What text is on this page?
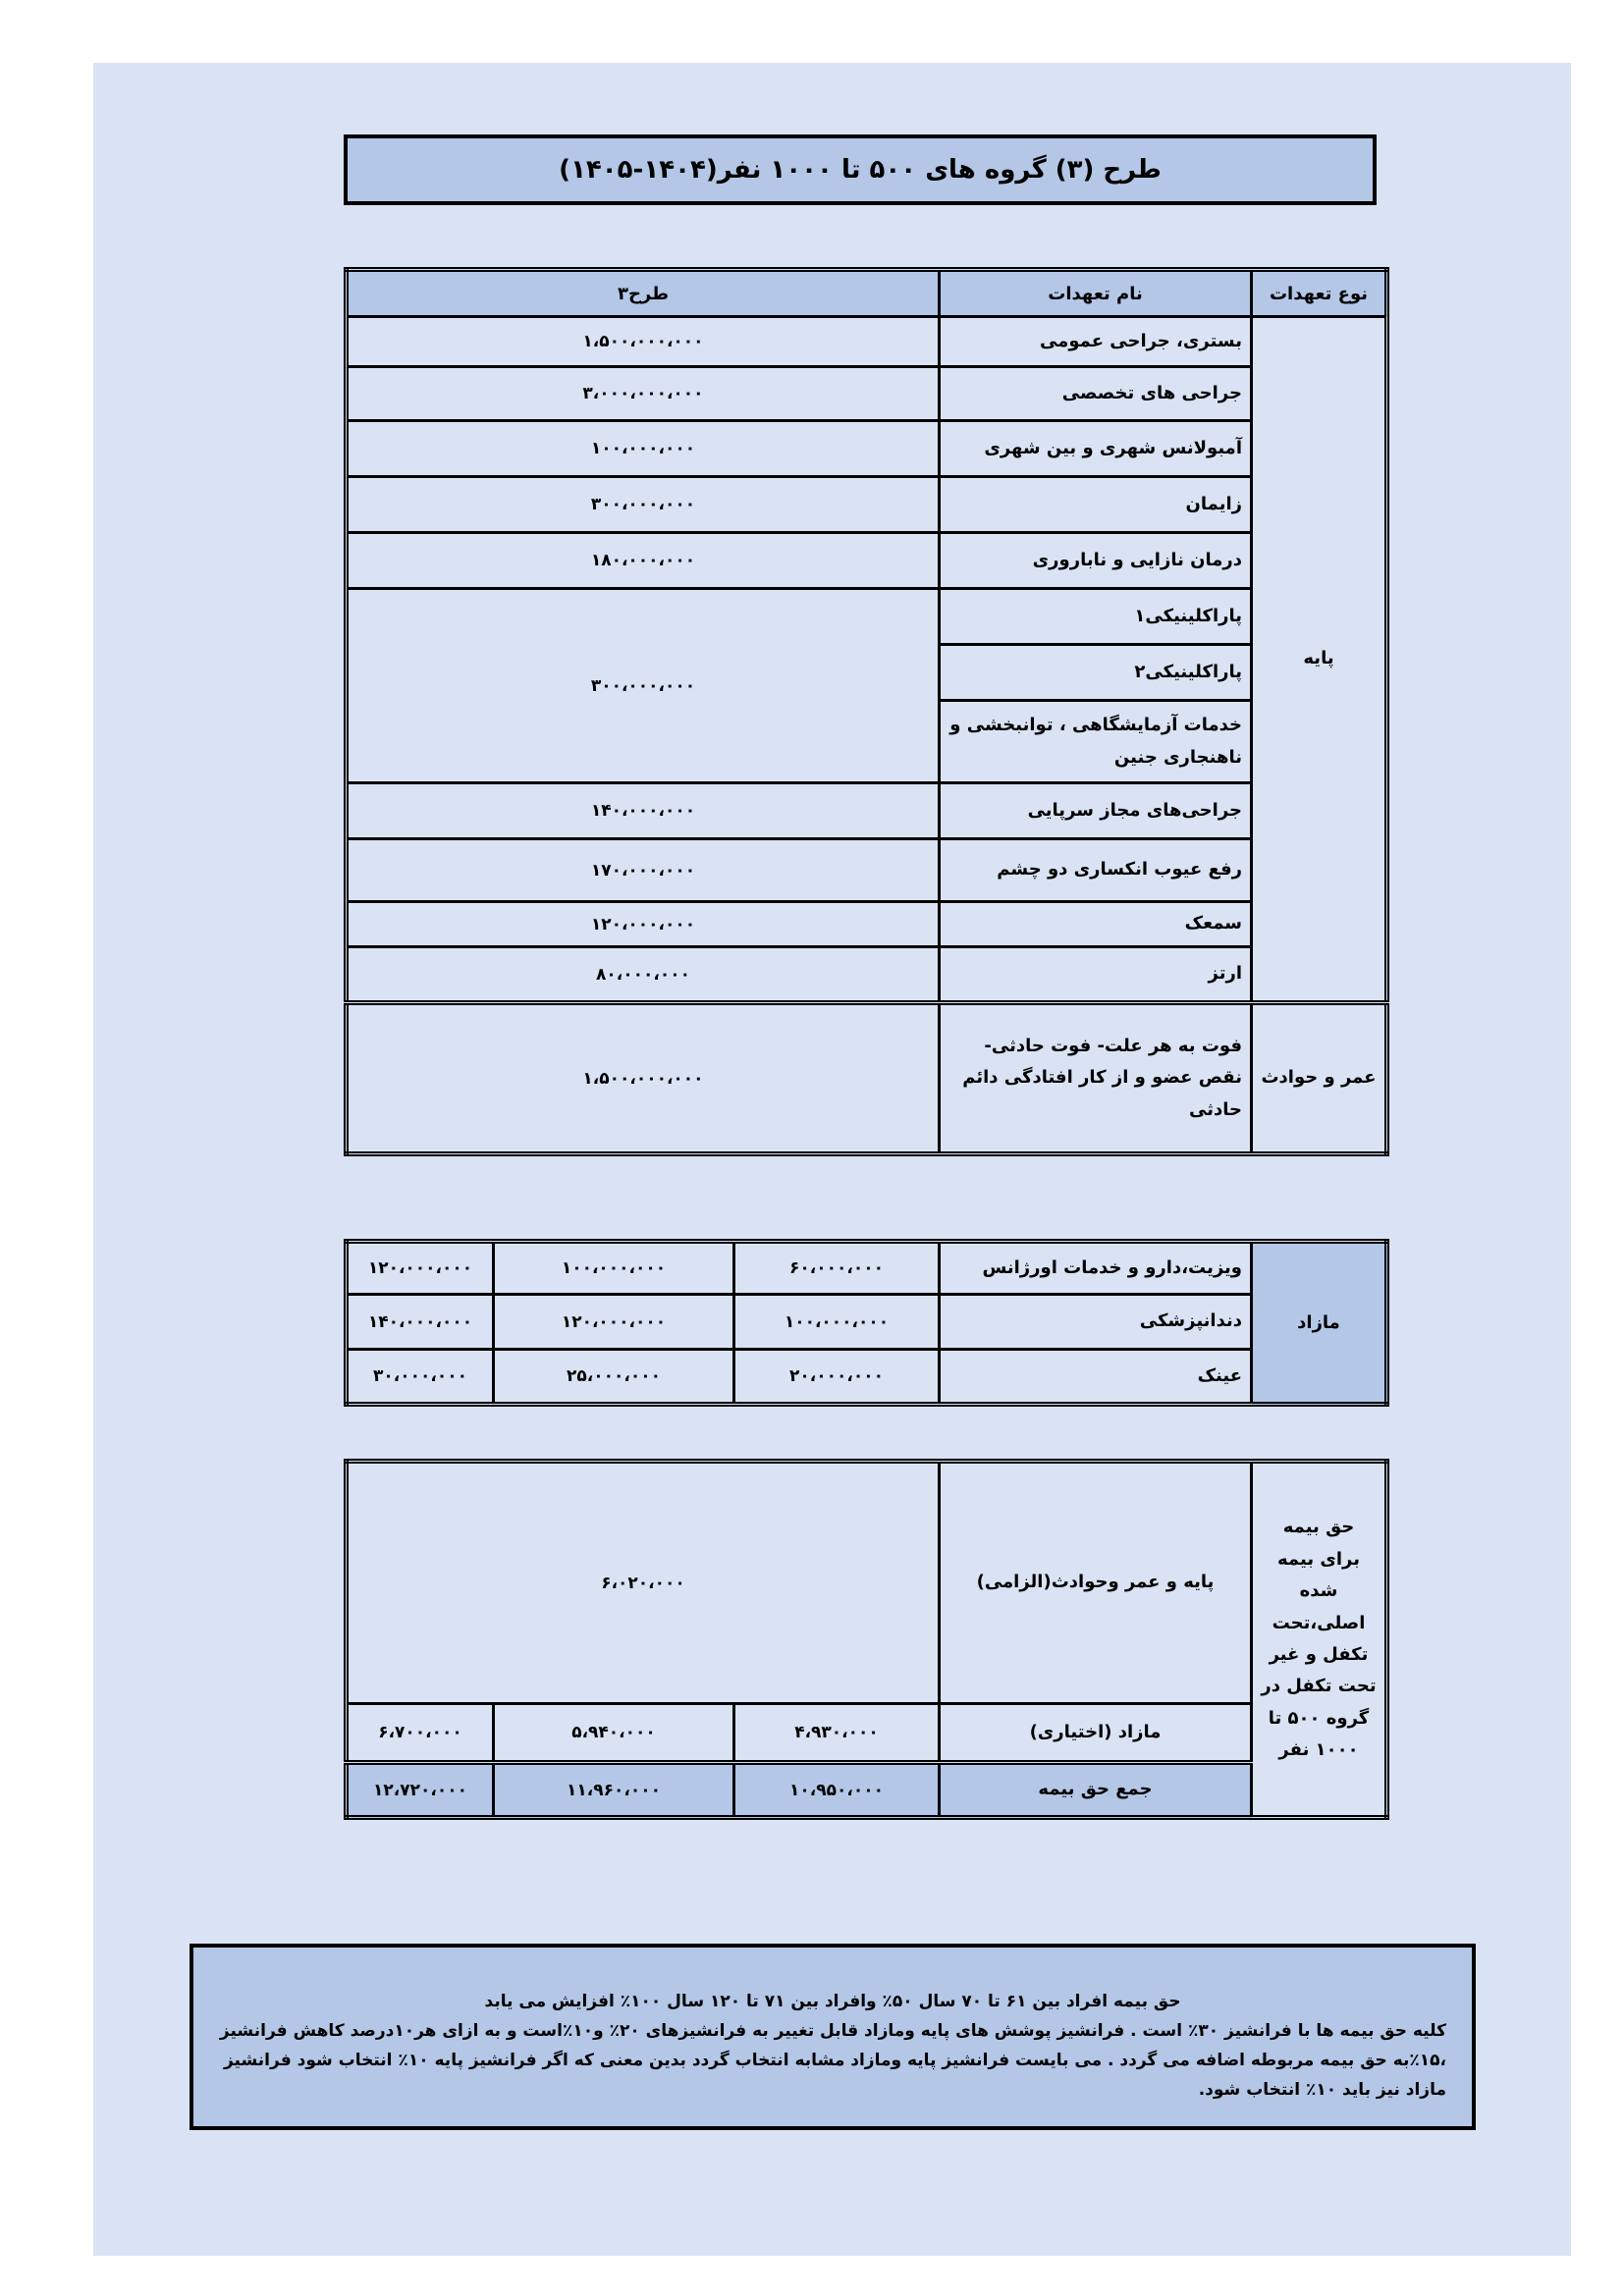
طرح (۳) گروه های ۵۰۰ تا ۱۰۰۰ نفر(۱۴۰۴-۱۴۰۵)
نوع تعهدات	نام تعهدات	طرح۳
پایه	بستری، جراحی عمومی	۱،۵۰۰،۰۰۰،۰۰۰
	جراحی های تخصصی	۳،۰۰۰،۰۰۰،۰۰۰
	آمبولانس شهری و بین شهری	۱۰۰،۰۰۰،۰۰۰
	زایمان	۳۰۰،۰۰۰،۰۰۰
	درمان نازایی و ناباروری	۱۸۰،۰۰۰،۰۰۰
	پاراکلینیکی۱	۳۰۰،۰۰۰،۰۰۰
	پاراکلینیکی۲	
	خدمات آزمایشگاهی ، توانبخشی و ناهنجاری جنین	
	جراحی‌های مجاز سرپایی	۱۴۰،۰۰۰،۰۰۰
	رفع عیوب انکساری دو چشم	۱۷۰،۰۰۰،۰۰۰
	سمعک	۱۲۰،۰۰۰،۰۰۰
	ارتز	۸۰،۰۰۰،۰۰۰
عمر و حوادث	فوت به هر علت- فوت حادثی-نقص عضو و از کار افتادگی دائم حادثی	۱،۵۰۰،۰۰۰،۰۰۰
مازاد	ویزیت،دارو و خدمات اورژانس	۶۰،۰۰۰،۰۰۰	۱۰۰،۰۰۰،۰۰۰	۱۲۰،۰۰۰،۰۰۰
	دندانپزشکی	۱۰۰،۰۰۰،۰۰۰	۱۲۰،۰۰۰،۰۰۰	۱۴۰،۰۰۰،۰۰۰
	عینک	۲۰،۰۰۰،۰۰۰	۲۵،۰۰۰،۰۰۰	۳۰،۰۰۰،۰۰۰
حق بیمه برای بیمه شده اصلی،تحت تکفل و غیر تحت تکفل در گروه ۵۰۰ تا ۱۰۰۰ نفر	پایه و عمر وحوادث(الزامی)	۶،۰۲۰،۰۰۰		
	مازاد (اختیاری)	۴،۹۳۰،۰۰۰	۵،۹۴۰،۰۰۰	۶،۷۰۰،۰۰۰
	جمع حق بیمه	۱۰،۹۵۰،۰۰۰	۱۱،۹۶۰،۰۰۰	۱۲،۷۲۰،۰۰۰

حق بیمه افراد بین ۶۱ تا ۷۰ سال ۵۰٪ وافراد بین ۷۱ تا ۱۲۰ سال ۱۰۰٪ افزایش می یابد

کلیه حق بیمه ها با فرانشیز ۳۰٪ است . فرانشیز پوشش های پایه ومازاد قابل تغییر به فرانشیزهای ۲۰٪ و۱۰٪است و به ازای هر۱۰درصد کاهش فرانشیز ،۱۵٪به حق بیمه مربوطه اضافه می گردد . می بایست فرانشیز پایه ومازاد مشابه انتخاب گردد بدین معنی که اگر فرانشیز پایه ۱۰٪ انتخاب شود فرانشیز مازاد نیز باید ۱۰٪ انتخاب شود.
